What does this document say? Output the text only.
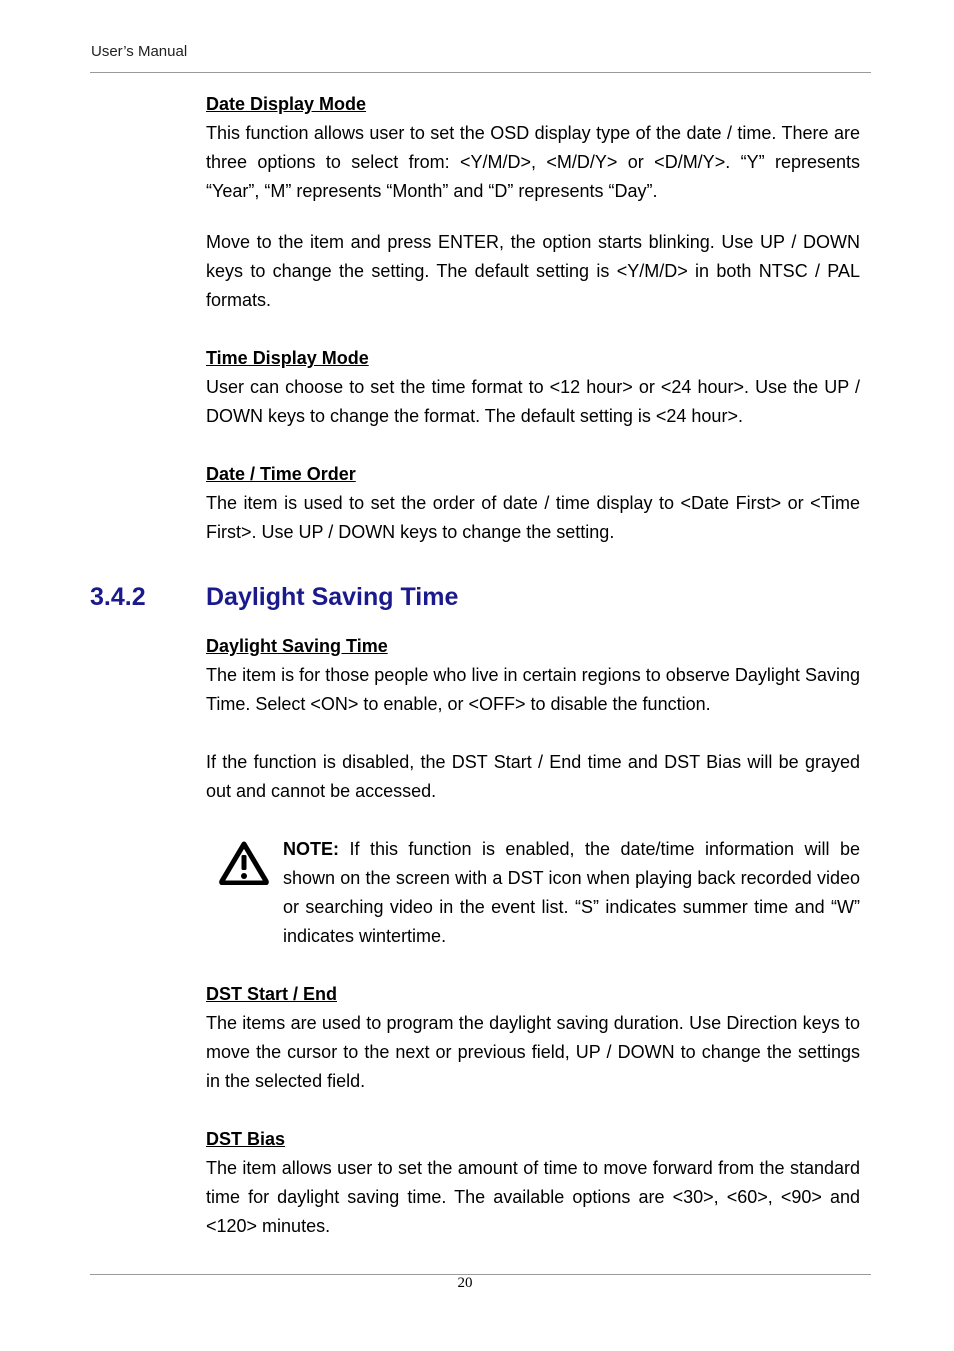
User’s Manual
Date Display Mode

This function allows user to set the OSD display type of the date / time. There are three options to select from: <Y/M/D>, <M/D/Y> or <D/M/Y>. “Y” represents “Year”, “M” represents “Month” and “D” represents “Day”.

Move to the item and press ENTER, the option starts blinking. Use UP / DOWN keys to change the setting. The default setting is <Y/M/D> in both NTSC / PAL formats.

Time Display Mode

User can choose to set the time format to <12 hour> or <24 hour>. Use the UP / DOWN keys to change the format. The default setting is <24 hour>.

Date / Time Order

The item is used to set the order of date / time display to <Date First> or <Time First>. Use UP / DOWN keys to change the setting.

3.4.2 Daylight Saving Time
Daylight Saving Time

The item is for those people who live in certain regions to observe Daylight Saving Time. Select <ON> to enable, or <OFF> to disable the function.

If the function is disabled, the DST Start / End time and DST Bias will be grayed out and cannot be accessed.

NOTE: If this function is enabled, the date/time information will be shown on the screen with a DST icon when playing back recorded video or searching video in the event list. “S” indicates summer time and “W” indicates wintertime.

DST Start / End

The items are used to program the daylight saving duration. Use Direction keys to move the cursor to the next or previous field, UP / DOWN to change the settings in the selected field.

DST Bias

The item allows user to set the amount of time to move forward from the standard time for daylight saving time. The available options are <30>, <60>, <90> and <120> minutes.

20
